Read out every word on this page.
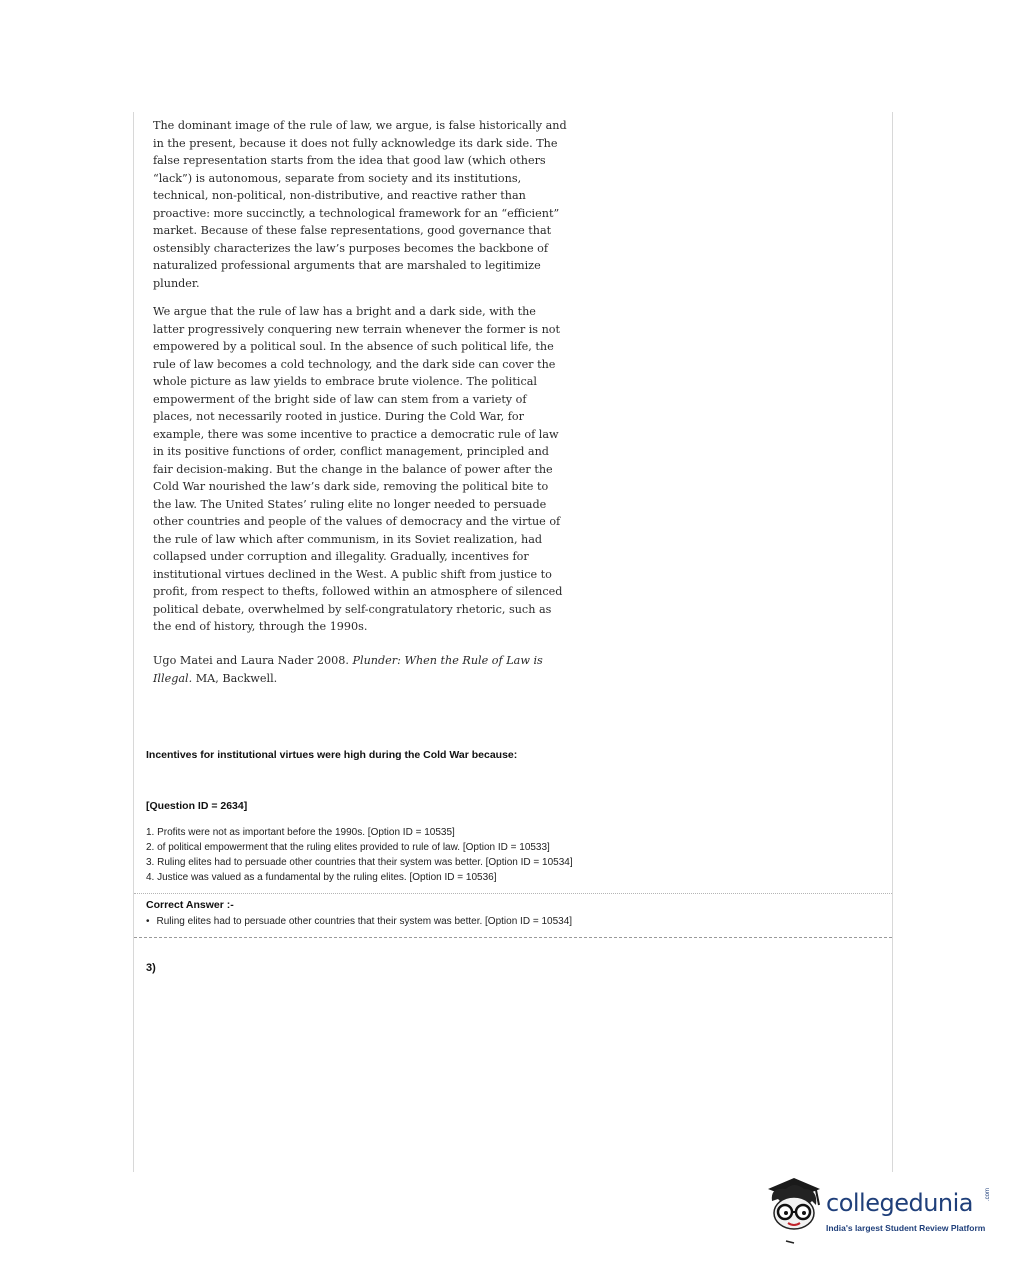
The dominant image of the rule of law, we argue, is false historically and in the present, because it does not fully acknowledge its dark side. The false representation starts from the idea that good law (which others “lack”) is autonomous, separate from society and its institutions, technical, non-political, non-distributive, and reactive rather than proactive: more succinctly, a technological framework for an “efficient” market. Because of these false representations, good governance that ostensibly characterizes the law’s purposes becomes the backbone of naturalized professional arguments that are marshaled to legitimize plunder.

We argue that the rule of law has a bright and a dark side, with the latter progressively conquering new terrain whenever the former is not empowered by a political soul. In the absence of such political life, the rule of law becomes a cold technology, and the dark side can cover the whole picture as law yields to embrace brute violence. The political empowerment of the bright side of law can stem from a variety of places, not necessarily rooted in justice. During the Cold War, for example, there was some incentive to practice a democratic rule of law in its positive functions of order, conflict management, principled and fair decision-making. But the change in the balance of power after the Cold War nourished the law’s dark side, removing the political bite to the law. The United States’ ruling elite no longer needed to persuade other countries and people of the values of democracy and the virtue of the rule of law which after communism, in its Soviet realization, had collapsed under corruption and illegality. Gradually, incentives for institutional virtues declined in the West. A public shift from justice to profit, from respect to thefts, followed within an atmosphere of silenced political debate, overwhelmed by self-congratulatory rhetoric, such as the end of history, through the 1990s.

Ugo Matei and Laura Nader 2008. Plunder: When the Rule of Law is Illegal. MA, Backwell.
Incentives for institutional virtues were high during the Cold War because:
[Question ID = 2634]
1. Profits were not as important before the 1990s. [Option ID = 10535]
2. of political empowerment that the ruling elites provided to rule of law. [Option ID = 10533]
3. Ruling elites had to persuade other countries that their system was better. [Option ID = 10534]
4. Justice was valued as a fundamental by the ruling elites. [Option ID = 10536]
Correct Answer :-
• Ruling elites had to persuade other countries that their system was better. [Option ID = 10534]
3)
collegedunia .com
India's largest Student Review Platform
